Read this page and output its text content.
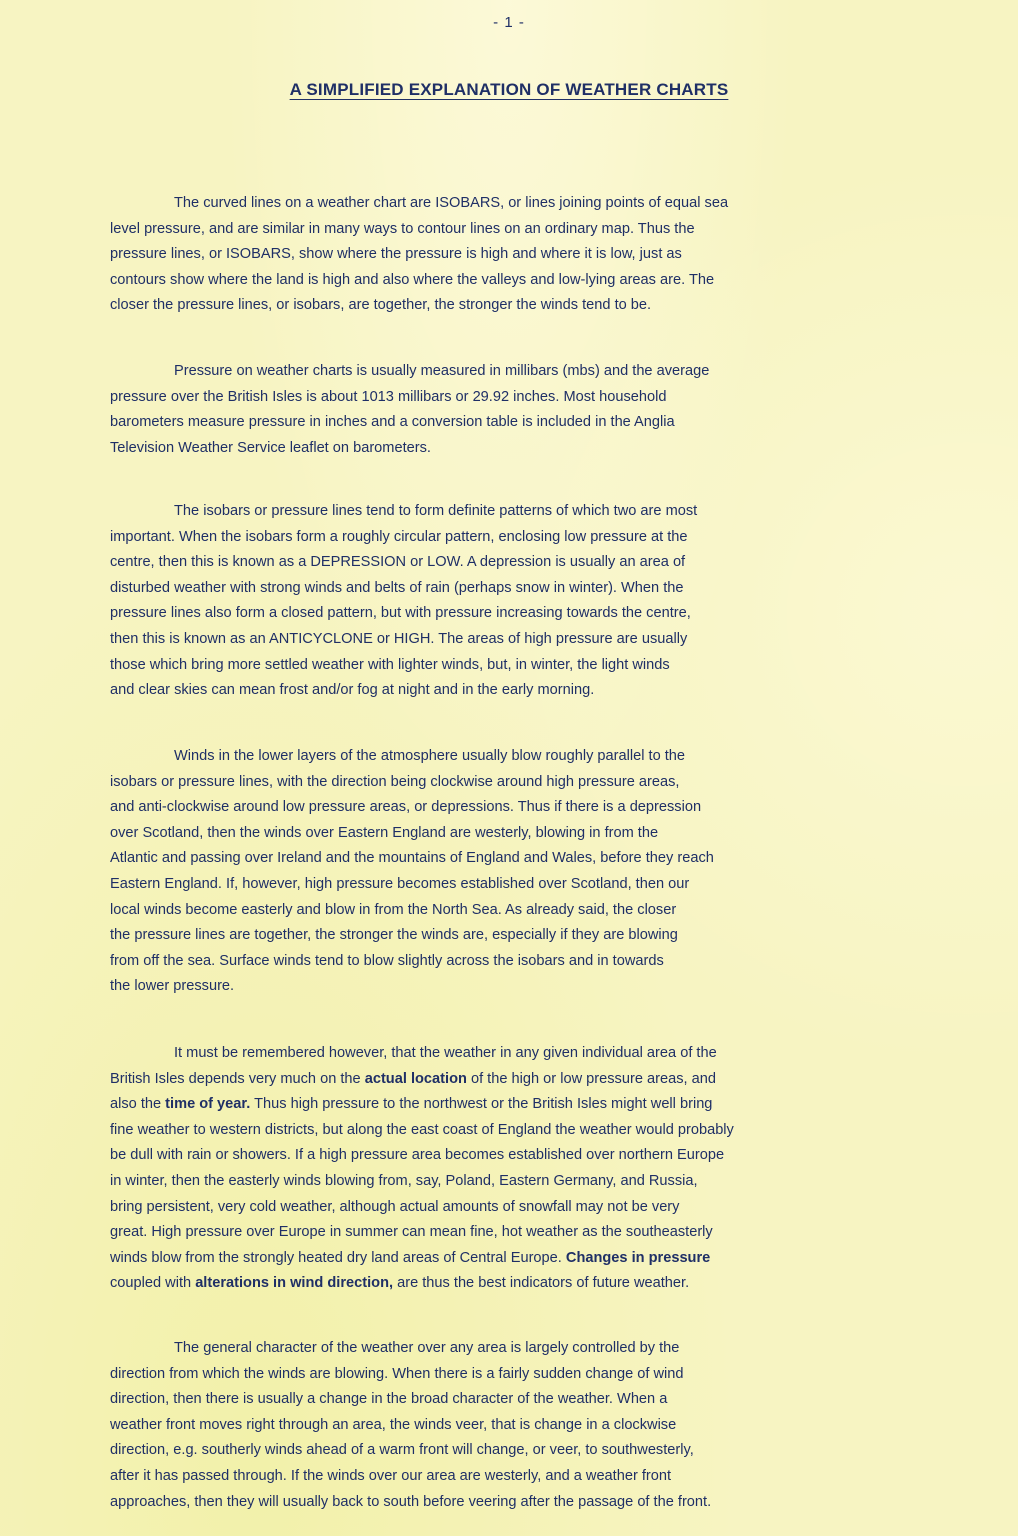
- 1 -
A SIMPLIFIED EXPLANATION OF WEATHER CHARTS

The curved lines on a weather chart are ISOBARS, or lines joining points of equal sea
level pressure, and are similar in many ways to contour lines on an ordinary map. Thus the
pressure lines, or ISOBARS, show where the pressure is high and where it is low, just as
contours show where the land is high and also where the valleys and low-lying areas are. The
closer the pressure lines, or isobars, are together, the stronger the winds tend to be.

Pressure on weather charts is usually measured in millibars (mbs) and the average
pressure over the British Isles is about 1013 millibars or 29.92 inches. Most household
barometers measure pressure in inches and a conversion table is included in the Anglia
Television Weather Service leaflet on barometers.

The isobars or pressure lines tend to form definite patterns of which two are most
important. When the isobars form a roughly circular pattern, enclosing low pressure at the
centre, then this is known as a DEPRESSION or LOW. A depression is usually an area of
disturbed weather with strong winds and belts of rain (perhaps snow in winter). When the
pressure lines also form a closed pattern, but with pressure increasing towards the centre,
then this is known as an ANTICYCLONE or HIGH. The areas of high pressure are usually
those which bring more settled weather with lighter winds, but, in winter, the light winds
and clear skies can mean frost and/or fog at night and in the early morning.

Winds in the lower layers of the atmosphere usually blow roughly parallel to the
isobars or pressure lines, with the direction being clockwise around high pressure areas,
and anti-clockwise around low pressure areas, or depressions. Thus if there is a depression
over Scotland, then the winds over Eastern England are westerly, blowing in from the
Atlantic and passing over Ireland and the mountains of England and Wales, before they reach
Eastern England. If, however, high pressure becomes established over Scotland, then our
local winds become easterly and blow in from the North Sea. As already said, the closer
the pressure lines are together, the stronger the winds are, especially if they are blowing
from off the sea. Surface winds tend to blow slightly across the isobars and in towards
the lower pressure.

It must be remembered however, that the weather in any given individual area of the
British Isles depends very much on the actual location of the high or low pressure areas, and
also the time of year. Thus high pressure to the northwest or the British Isles might well bring
fine weather to western districts, but along the east coast of England the weather would probably
be dull with rain or showers. If a high pressure area becomes established over northern Europe
in winter, then the easterly winds blowing from, say, Poland, Eastern Germany, and Russia,
bring persistent, very cold weather, although actual amounts of snowfall may not be very
great. High pressure over Europe in summer can mean fine, hot weather as the southeasterly
winds blow from the strongly heated dry land areas of Central Europe. Changes in pressure
coupled with alterations in wind direction, are thus the best indicators of future weather.

The general character of the weather over any area is largely controlled by the
direction from which the winds are blowing. When there is a fairly sudden change of wind
direction, then there is usually a change in the broad character of the weather. When a
weather front moves right through an area, the winds veer, that is change in a clockwise
direction, e.g. southerly winds ahead of a warm front will change, or veer, to southwesterly,
after it has passed through. If the winds over our area are westerly, and a weather front
approaches, then they will usually back to south before veering after the passage of the front.
